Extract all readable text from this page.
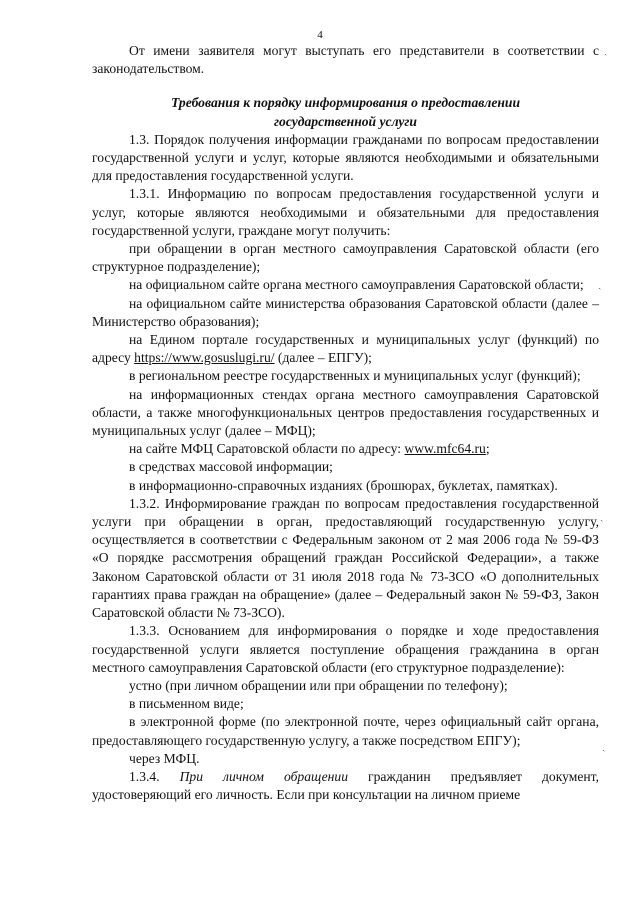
4

От имени заявителя могут выступать его представители в соответствии с законодательством.

Требования к порядку информирования о предоставлении
государственной услуги

1.3. Порядок получения информации гражданами по вопросам предоставлении государственной услуги и услуг, которые являются необходимыми и обязательными для предоставления государственной услуги.

1.3.1. Информацию по вопросам предоставления государственной услуги и услуг, которые являются необходимыми и обязательными для предоставления государственной услуги, граждане могут получить:

при обращении в орган местного самоуправления Саратовской области (его структурное подразделение);

на официальном сайте органа местного самоуправления Саратовской области;

на официальном сайте министерства образования Саратовской области (далее – Министерство образования);

на Едином портале государственных и муниципальных услуг (функций) по адресу https://www.gosuslugi.ru/ (далее – ЕПГУ);

в региональном реестре государственных и муниципальных услуг (функций);

на информационных стендах органа местного самоуправления Саратовской области, а также многофункциональных центров предоставления государственных и муниципальных услуг (далее – МФЦ);

на сайте МФЦ Саратовской области по адресу: www.mfc64.ru;

в средствах массовой информации;

в информационно-справочных изданиях (брошюрах, буклетах, памятках).

1.3.2. Информирование граждан по вопросам предоставления государственной услуги при обращении в орган, предоставляющий государственную услугу, осуществляется в соответствии с Федеральным законом от 2 мая 2006 года № 59-ФЗ «О порядке рассмотрения обращений граждан Российской Федерации», а также Законом Саратовской области от 31 июля 2018 года № 73-ЗСО «О дополнительных гарантиях права граждан на обращение» (далее – Федеральный закон № 59-ФЗ, Закон Саратовской области № 73-ЗСО).

1.3.3. Основанием для информирования о порядке и ходе предоставления государственной услуги является поступление обращения гражданина в орган местного самоуправления Саратовской области (его структурное подразделение):

устно (при личном обращении или при обращении по телефону);

в письменном виде;

в электронной форме (по электронной почте, через официальный сайт органа, предоставляющего государственную услугу, а также посредством ЕПГУ);

через МФЦ.

1.3.4. При личном обращении гражданин предъявляет документ, удостоверяющий его личность. Если при консультации на личном приеме

ˏ
ˏ
ˏ
ˏ
